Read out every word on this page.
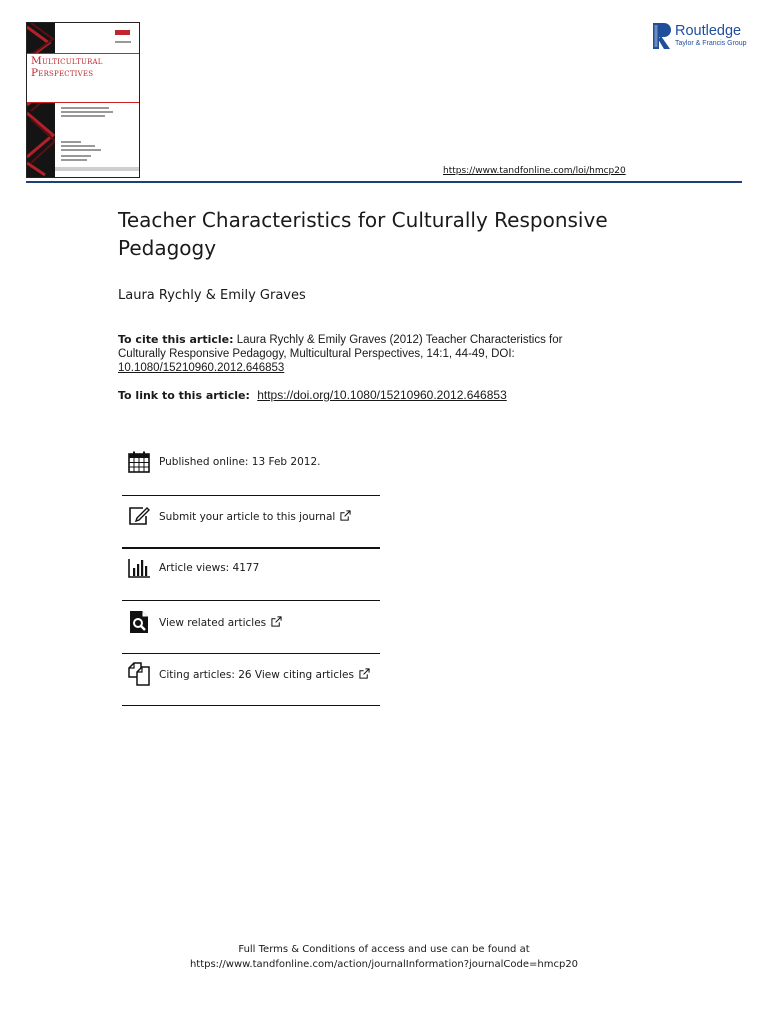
Multicultural Perspectives
Routledge
Taylor & Francis Group
https://www.tandfonline.com/loi/hmcp20
Teacher Characteristics for Culturally Responsive Pedagogy
Laura Rychly & Emily Graves
To cite this article: Laura Rychly & Emily Graves (2012) Teacher Characteristics for Culturally Responsive Pedagogy, Multicultural Perspectives, 14:1, 44-49, DOI: 10.1080/15210960.2012.646853
To link to this article: https://doi.org/10.1080/15210960.2012.646853
Published online: 13 Feb 2012.
Submit your article to this journal
Article views: 4177
View related articles
Citing articles: 26 View citing articles
Full Terms & Conditions of access and use can be found at
https://www.tandfonline.com/action/journalInformation?journalCode=hmcp20
